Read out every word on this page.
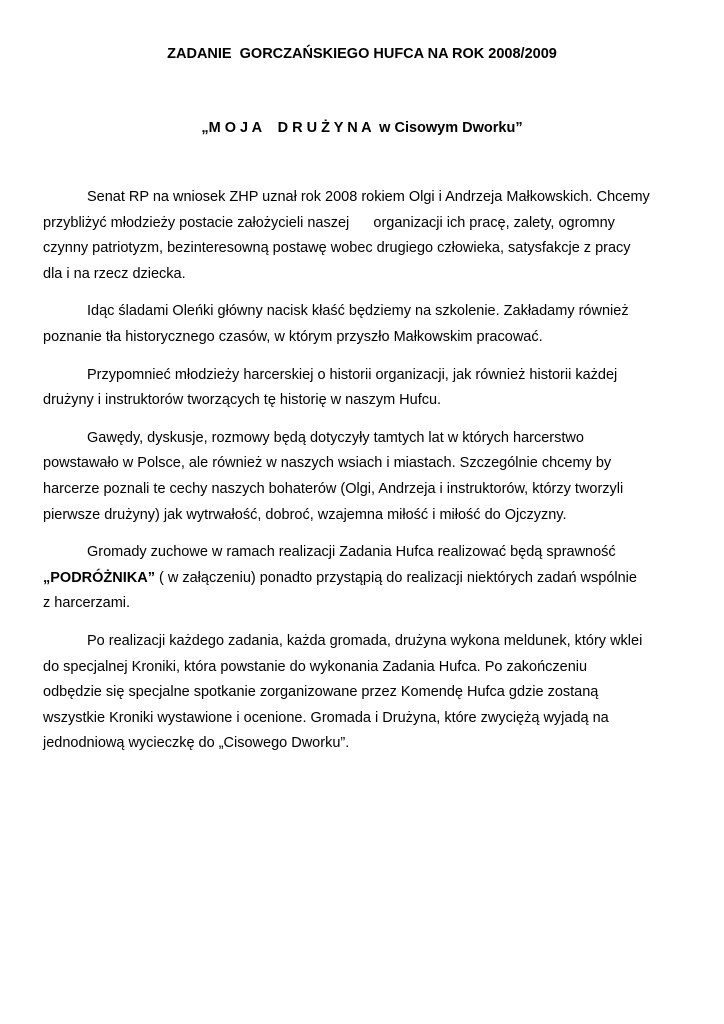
ZADANIE  GORCZAŃSKIEGO HUFCA NA ROK 2008/2009
„M O J A    D R U Ż Y N A  w Cisowym Dworku”
Senat RP na wniosek ZHP uznał rok 2008 rokiem Olgi i Andrzeja Małkowskich. Chcemy
przybliżyć młodzieży postacie założycieli naszej      organizacji ich pracę, zalety, ogromny
czynny patriotyzm, bezinteresowną postawę wobec drugiego człowieka, satysfakcje z pracy
dla i na rzecz dziecka.
Idąc śladami Oleńki główny nacisk kłaść będziemy na szkolenie. Zakładamy również
poznanie tła historycznego czasów, w którym przyszło Małkowskim pracować.
Przypomnieć młodzieży harcerskiej o historii organizacji, jak również historii każdej
drużyny i instruktorów tworzących tę historię w naszym Hufcu.
Gawędy, dyskusje, rozmowy będą dotyczyły tamtych lat w których harcerstwo
powstawało w Polsce, ale również w naszych wsiach i miastach. Szczególnie chcemy by
harcerze poznali te cechy naszych bohaterów (Olgi, Andrzeja i instruktorów, którzy tworzyli
pierwsze drużyny) jak wytrwałość, dobroć, wzajemna miłość i miłość do Ojczyzny.
Gromady zuchowe w ramach realizacji Zadania Hufca realizować będą sprawność
„PODRÓŻNIKA” ( w załączeniu) ponadto przystąpią do realizacji niektórych zadań wspólnie
z harcerzami.
Po realizacji każdego zadania, każda gromada, drużyna wykona meldunek, który wklei
do specjalnej Kroniki, która powstanie do wykonania Zadania Hufca. Po zakończeniu
odbędzie się specjalne spotkanie zorganizowane przez Komendę Hufca gdzie zostaną
wszystkie Kroniki wystawione i ocenione. Gromada i Drużyna, które zwyciężą wyjadą na
jednodniową wycieczkę do „Cisowego Dworku”.
